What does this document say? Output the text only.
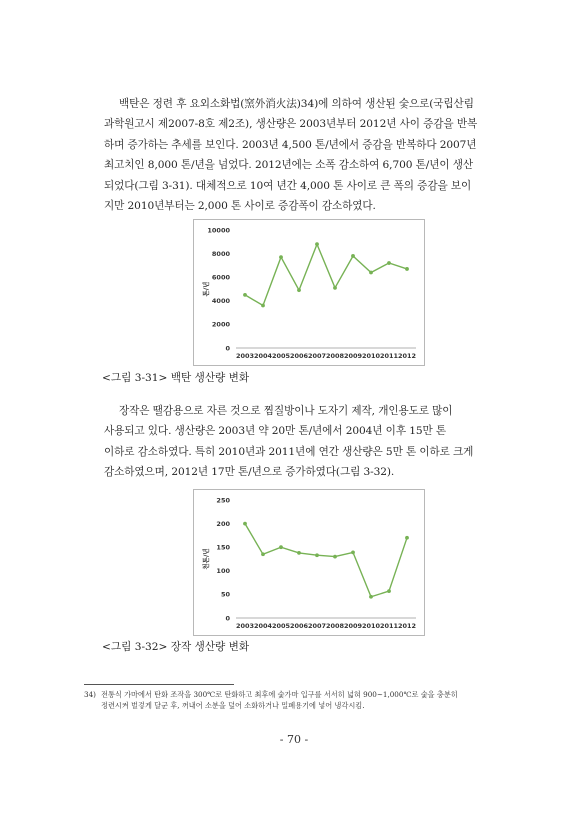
백탄은 정련 후 요외소화법(窯外消火法)34)에 의하여 생산된 숯으로(국립산림
과학원고시 제2007-8호 제2조), 생산량은 2003년부터 2012년 사이 증감을 반복
하며 증가하는 추세를 보인다. 2003년 4,500 톤/년에서 증감을 반복하다 2007년
최고치인 8,000 톤/년을 넘었다. 2012년에는 소폭 감소하여 6,700 톤/년이 생산
되었다(그림 3-31). 대체적으로 10여 년간 4,000 톤 사이로 큰 폭의 증감을 보이
지만 2010년부터는 2,000 톤 사이로 증감폭이 감소하였다.

0
2000
4000
6000
8000
10000
2003 2004 2005 2006 2007 2008 2009 2010 2011 2012
톤/년

<그림 3-31> 백탄 생산량 변화

장작은 땔감용으로 자른 것으로 찜질방이나 도자기 제작, 개인용도로 많이
사용되고 있다. 생산량은 2003년 약 20만 톤/년에서 2004년 이후 15만 톤
이하로 감소하였다. 특히 2010년과 2011년에 연간 생산량은 5만 톤 이하로 크게
감소하였으며, 2012년 17만 톤/년으로 증가하였다(그림 3-32).

0
50
100
150
200
250
2003 2004 2005 2006 2007 2008 2009 2010 2011 2012
천톤/년

<그림 3-32> 장작 생산량 변화

34) 전통식 가마에서 탄화 조작을 300℃로 탄화하고 최후에 숯가마 입구를 서서히 넓혀 900~1,000℃로 숯을 충분히
정련시켜 벌겋게 달군 후, 꺼내어 소분을 덮어 소화하거나 밀폐용기에 넣어 냉각시킴.

- 70 -
